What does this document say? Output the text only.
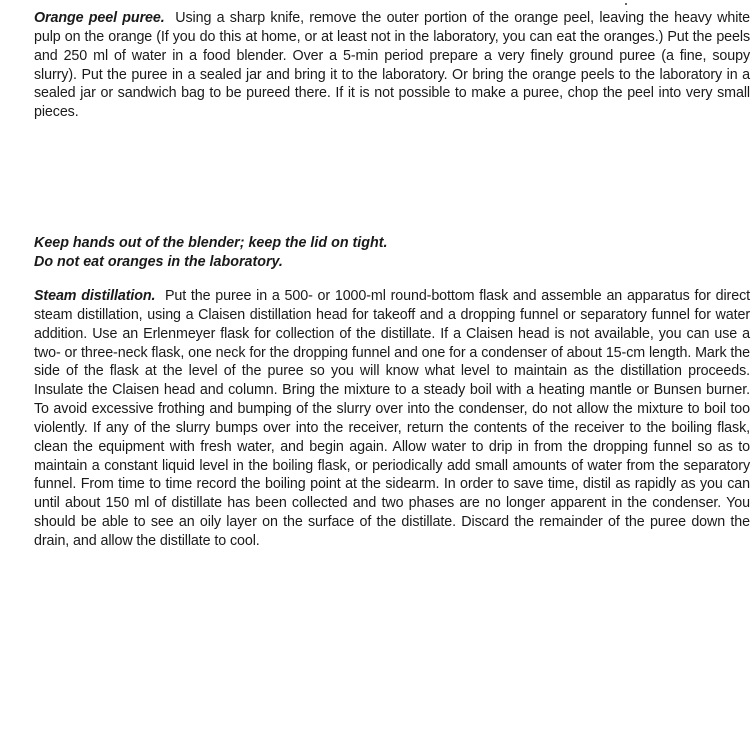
Orange peel puree. Using a sharp knife, remove the outer portion of the orange peel, leaving the heavy white pulp on the orange (If you do this at home, or at least not in the laboratory, you can eat the oranges.) Put the peels and 250 ml of water in a food blender. Over a 5-min period prepare a very finely ground puree (a fine, soupy slurry). Put the puree in a sealed jar and bring it to the laboratory. Or bring the orange peels to the laboratory in a sealed jar or sandwich bag to be pureed there. If it is not possible to make a puree, chop the peel into very small pieces.

Steam distillation. Put the puree in a 500- or 1000-ml round-bottom flask and assemble an apparatus for direct steam distillation, using a Claisen distillation head for takeoff and a dropping funnel or separatory funnel for water addition. Use an Erlenmeyer flask for collection of the distillate. If a Claisen head is not available, you can use a two- or three-neck flask, one neck for the dropping funnel and one for a condenser of about 15-cm length. Mark the side of the flask at the level of the puree so you will know what level to maintain as the distillation proceeds. Insulate the Claisen head and column. Bring the mixture to a steady boil with a heating mantle or Bunsen burner. To avoid excessive frothing and bumping of the slurry over into the condenser, do not allow the mixture to boil too violently. If any of the slurry bumps over into the receiver, return the contents of the receiver to the boiling flask, clean the equipment with fresh water, and begin again. Allow water to drip in from the dropping funnel so as to maintain a constant liquid level in the boiling flask, or periodically add small amounts of water from the separatory funnel. From time to time record the boiling point at the sidearm. In order to save time, distil as rapidly as you can until about 150 ml of distillate has been collected and two phases are no longer apparent in the condenser. You should be able to see an oily layer on the surface of the distillate. Discard the remainder of the puree down the drain, and allow the distillate to cool.

Keep hands out of the blender; keep the lid on tight.
Do not eat oranges in the laboratory.
